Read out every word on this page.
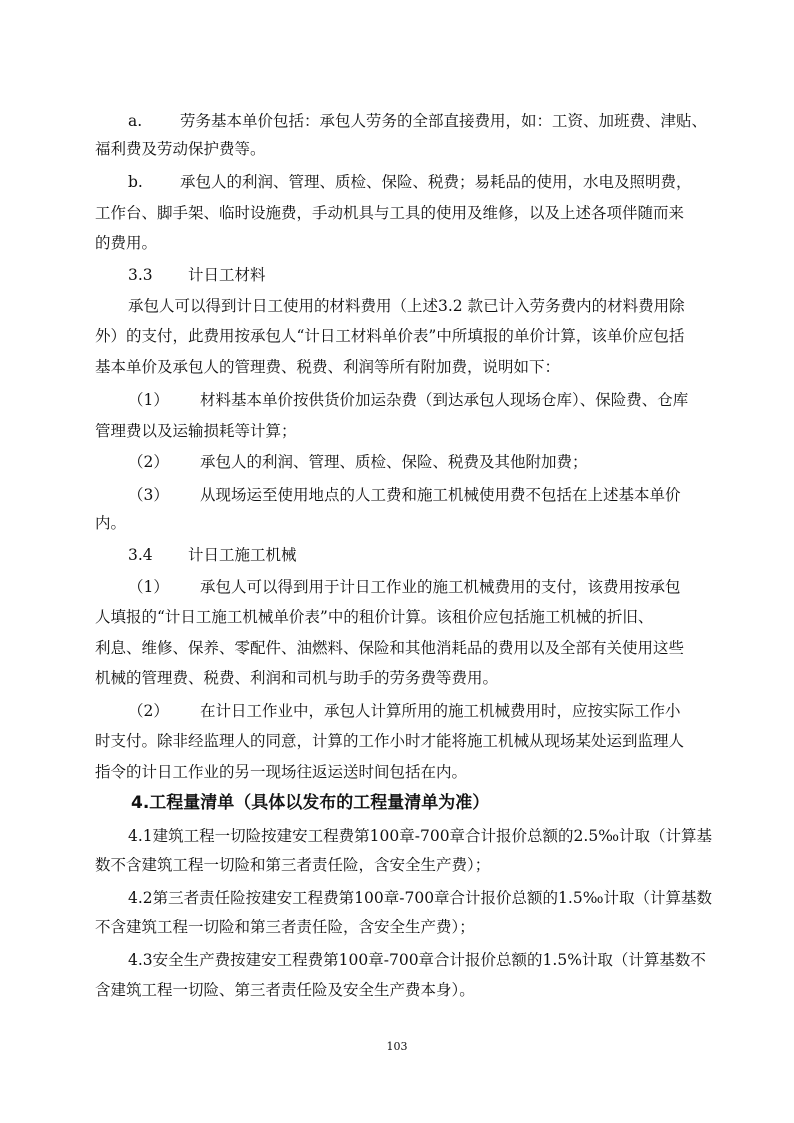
a. 劳务基本单价包括：承包人劳务的全部直接费用，如：工资、加班费、津贴、
福利费及劳动保护费等。
b. 承包人的利润、管理、质检、保险、税费；易耗品的使用，水电及照明费，
工作台、脚手架、临时设施费，手动机具与工具的使用及维修，以及上述各项伴随而来
的费用。
3.3 计日工材料
承包人可以得到计日工使用的材料费用（上述3.2 款已计入劳务费内的材料费用除
外）的支付，此费用按承包人“计日工材料单价表”中所填报的单价计算，该单价应包括
基本单价及承包人的管理费、税费、利润等所有附加费，说明如下：
（1） 材料基本单价按供货价加运杂费（到达承包人现场仓库）、保险费、仓库
管理费以及运输损耗等计算；
（2） 承包人的利润、管理、质检、保险、税费及其他附加费；
（3） 从现场运至使用地点的人工费和施工机械使用费不包括在上述基本单价
内。
3.4 计日工施工机械
（1） 承包人可以得到用于计日工作业的施工机械费用的支付，该费用按承包
人填报的“计日工施工机械单价表”中的租价计算。该租价应包括施工机械的折旧、
利息、维修、保养、零配件、油燃料、保险和其他消耗品的费用以及全部有关使用这些
机械的管理费、税费、利润和司机与助手的劳务费等费用。
（2） 在计日工作业中，承包人计算所用的施工机械费用时，应按实际工作小
时支付。除非经监理人的同意，计算的工作小时才能将施工机械从现场某处运到监理人
指令的计日工作业的另一现场往返运送时间包括在内。
4.工程量清单（具体以发布的工程量清单为准）
4.1建筑工程一切险按建安工程费第100章-700章合计报价总额的2.5‰计取（计算基
数不含建筑工程一切险和第三者责任险，含安全生产费）；
4.2第三者责任险按建安工程费第100章-700章合计报价总额的1.5‰计取（计算基数
不含建筑工程一切险和第三者责任险，含安全生产费）；
4.3安全生产费按建安工程费第100章-700章合计报价总额的1.5%计取（计算基数不
含建筑工程一切险、第三者责任险及安全生产费本身）。
103
